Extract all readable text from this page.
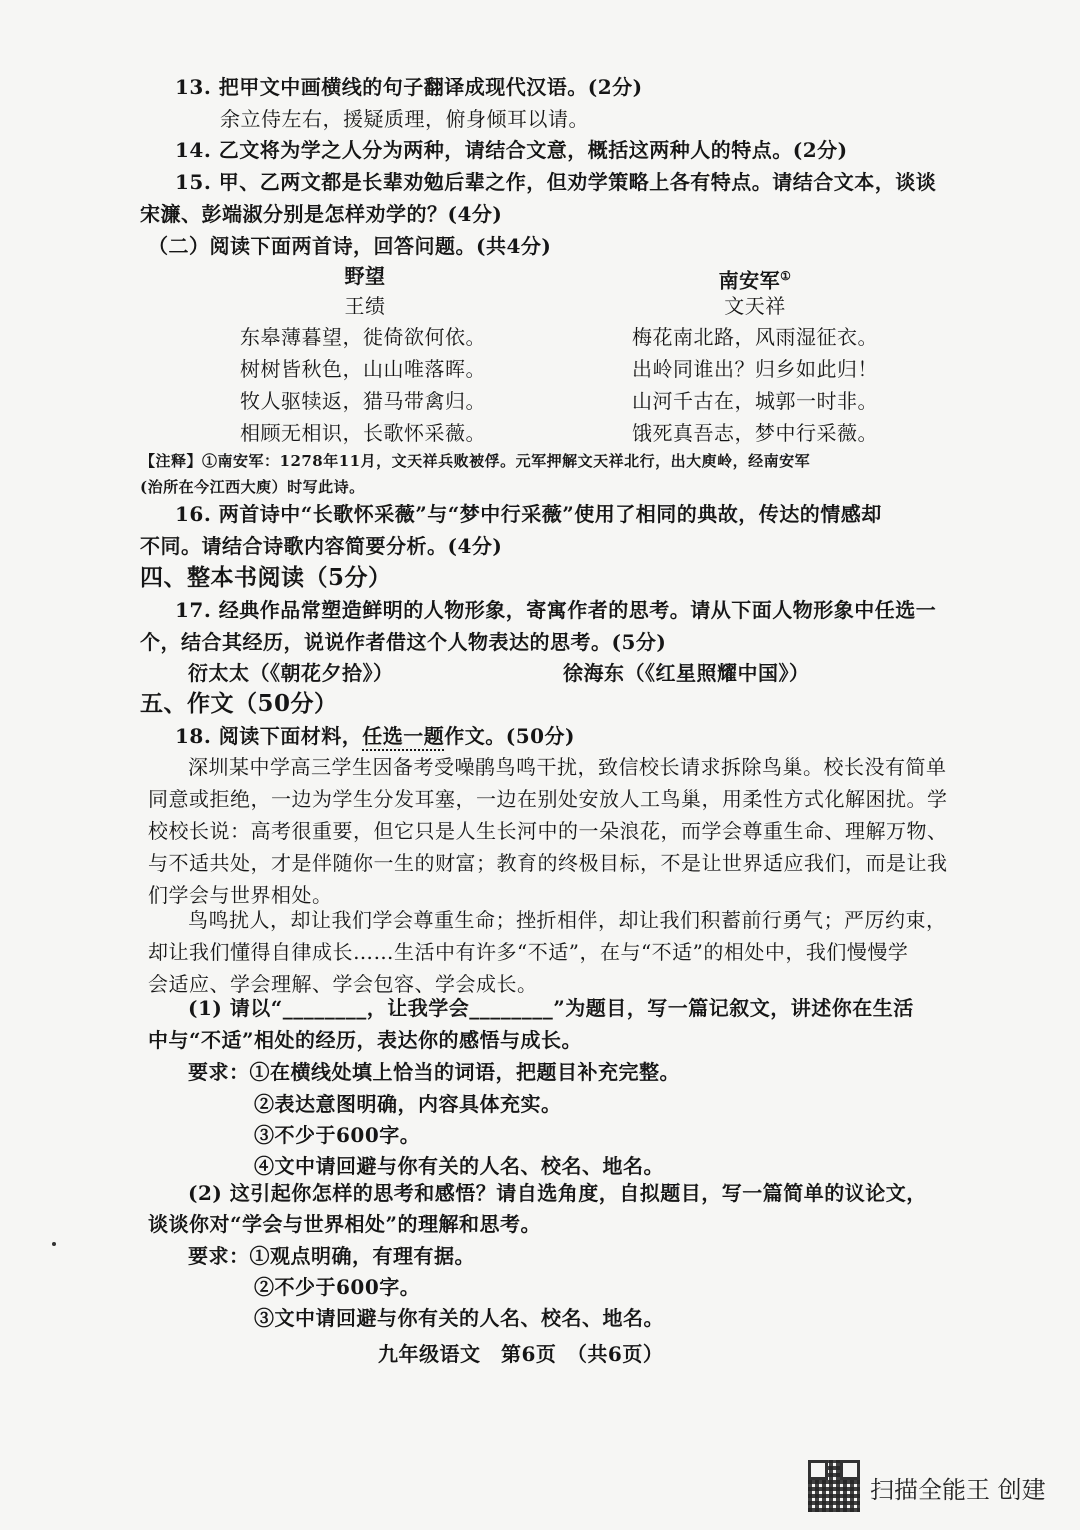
13. 把甲文中画横线的句子翻译成现代汉语。(2分)
余立侍左右，援疑质理，俯身倾耳以请。
14. 乙文将为学之人分为两种，请结合文意，概括这两种人的特点。(2分)
15. 甲、乙两文都是长辈劝勉后辈之作，但劝学策略上各有特点。请结合文本，谈谈
宋濂、彭端淑分别是怎样劝学的？(4分)
（二）阅读下面两首诗，回答问题。(共4分)
野望
王绩
东皋薄暮望，徙倚欲何依。
树树皆秋色，山山唯落晖。
牧人驱犊返，猎马带禽归。
相顾无相识，长歌怀采薇。
南安军①
文天祥
梅花南北路，风雨湿征衣。
出岭同谁出？归乡如此归！
山河千古在，城郭一时非。
饿死真吾志，梦中行采薇。
【注释】①南安军：1278年11月，文天祥兵败被俘。元军押解文天祥北行，出大庾岭，经南安军
(治所在今江西大庾）时写此诗。
16. 两首诗中“长歌怀采薇”与“梦中行采薇”使用了相同的典故，传达的情感却
不同。请结合诗歌内容简要分析。(4分)
四、整本书阅读（5分）
17. 经典作品常塑造鲜明的人物形象，寄寓作者的思考。请从下面人物形象中任选一
个，结合其经历，说说作者借这个人物表达的思考。(5分)
衍太太（《朝花夕拾》）	徐海东（《红星照耀中国》）
五、作文（50分）
18. 阅读下面材料，任选一题作文。(50分)
深圳某中学高三学生因备考受噪鹃鸟鸣干扰，致信校长请求拆除鸟巢。校长没有简单
同意或拒绝，一边为学生分发耳塞，一边在别处安放人工鸟巢，用柔性方式化解困扰。学
校校长说：高考很重要，但它只是人生长河中的一朵浪花，而学会尊重生命、理解万物、
与不适共处，才是伴随你一生的财富；教育的终极目标，不是让世界适应我们，而是让我
们学会与世界相处。
鸟鸣扰人，却让我们学会尊重生命；挫折相伴，却让我们积蓄前行勇气；严厉约束，
却让我们懂得自律成长……生活中有许多“不适”，在与“不适”的相处中，我们慢慢学
会适应、学会理解、学会包容、学会成长。
(1) 请以“________，让我学会________”为题目，写一篇记叙文，讲述你在生活
中与“不适”相处的经历，表达你的感悟与成长。
要求：①在横线处填上恰当的词语，把题目补充完整。
②表达意图明确，内容具体充实。
③不少于600字。
④文中请回避与你有关的人名、校名、地名。
(2) 这引起你怎样的思考和感悟？请自选角度，自拟题目，写一篇简单的议论文，
谈谈你对“学会与世界相处”的理解和思考。
要求：①观点明确，有理有据。
②不少于600字。
③文中请回避与你有关的人名、校名、地名。
九年级语文　第6页　（共6页）
扫描全能王 创建
